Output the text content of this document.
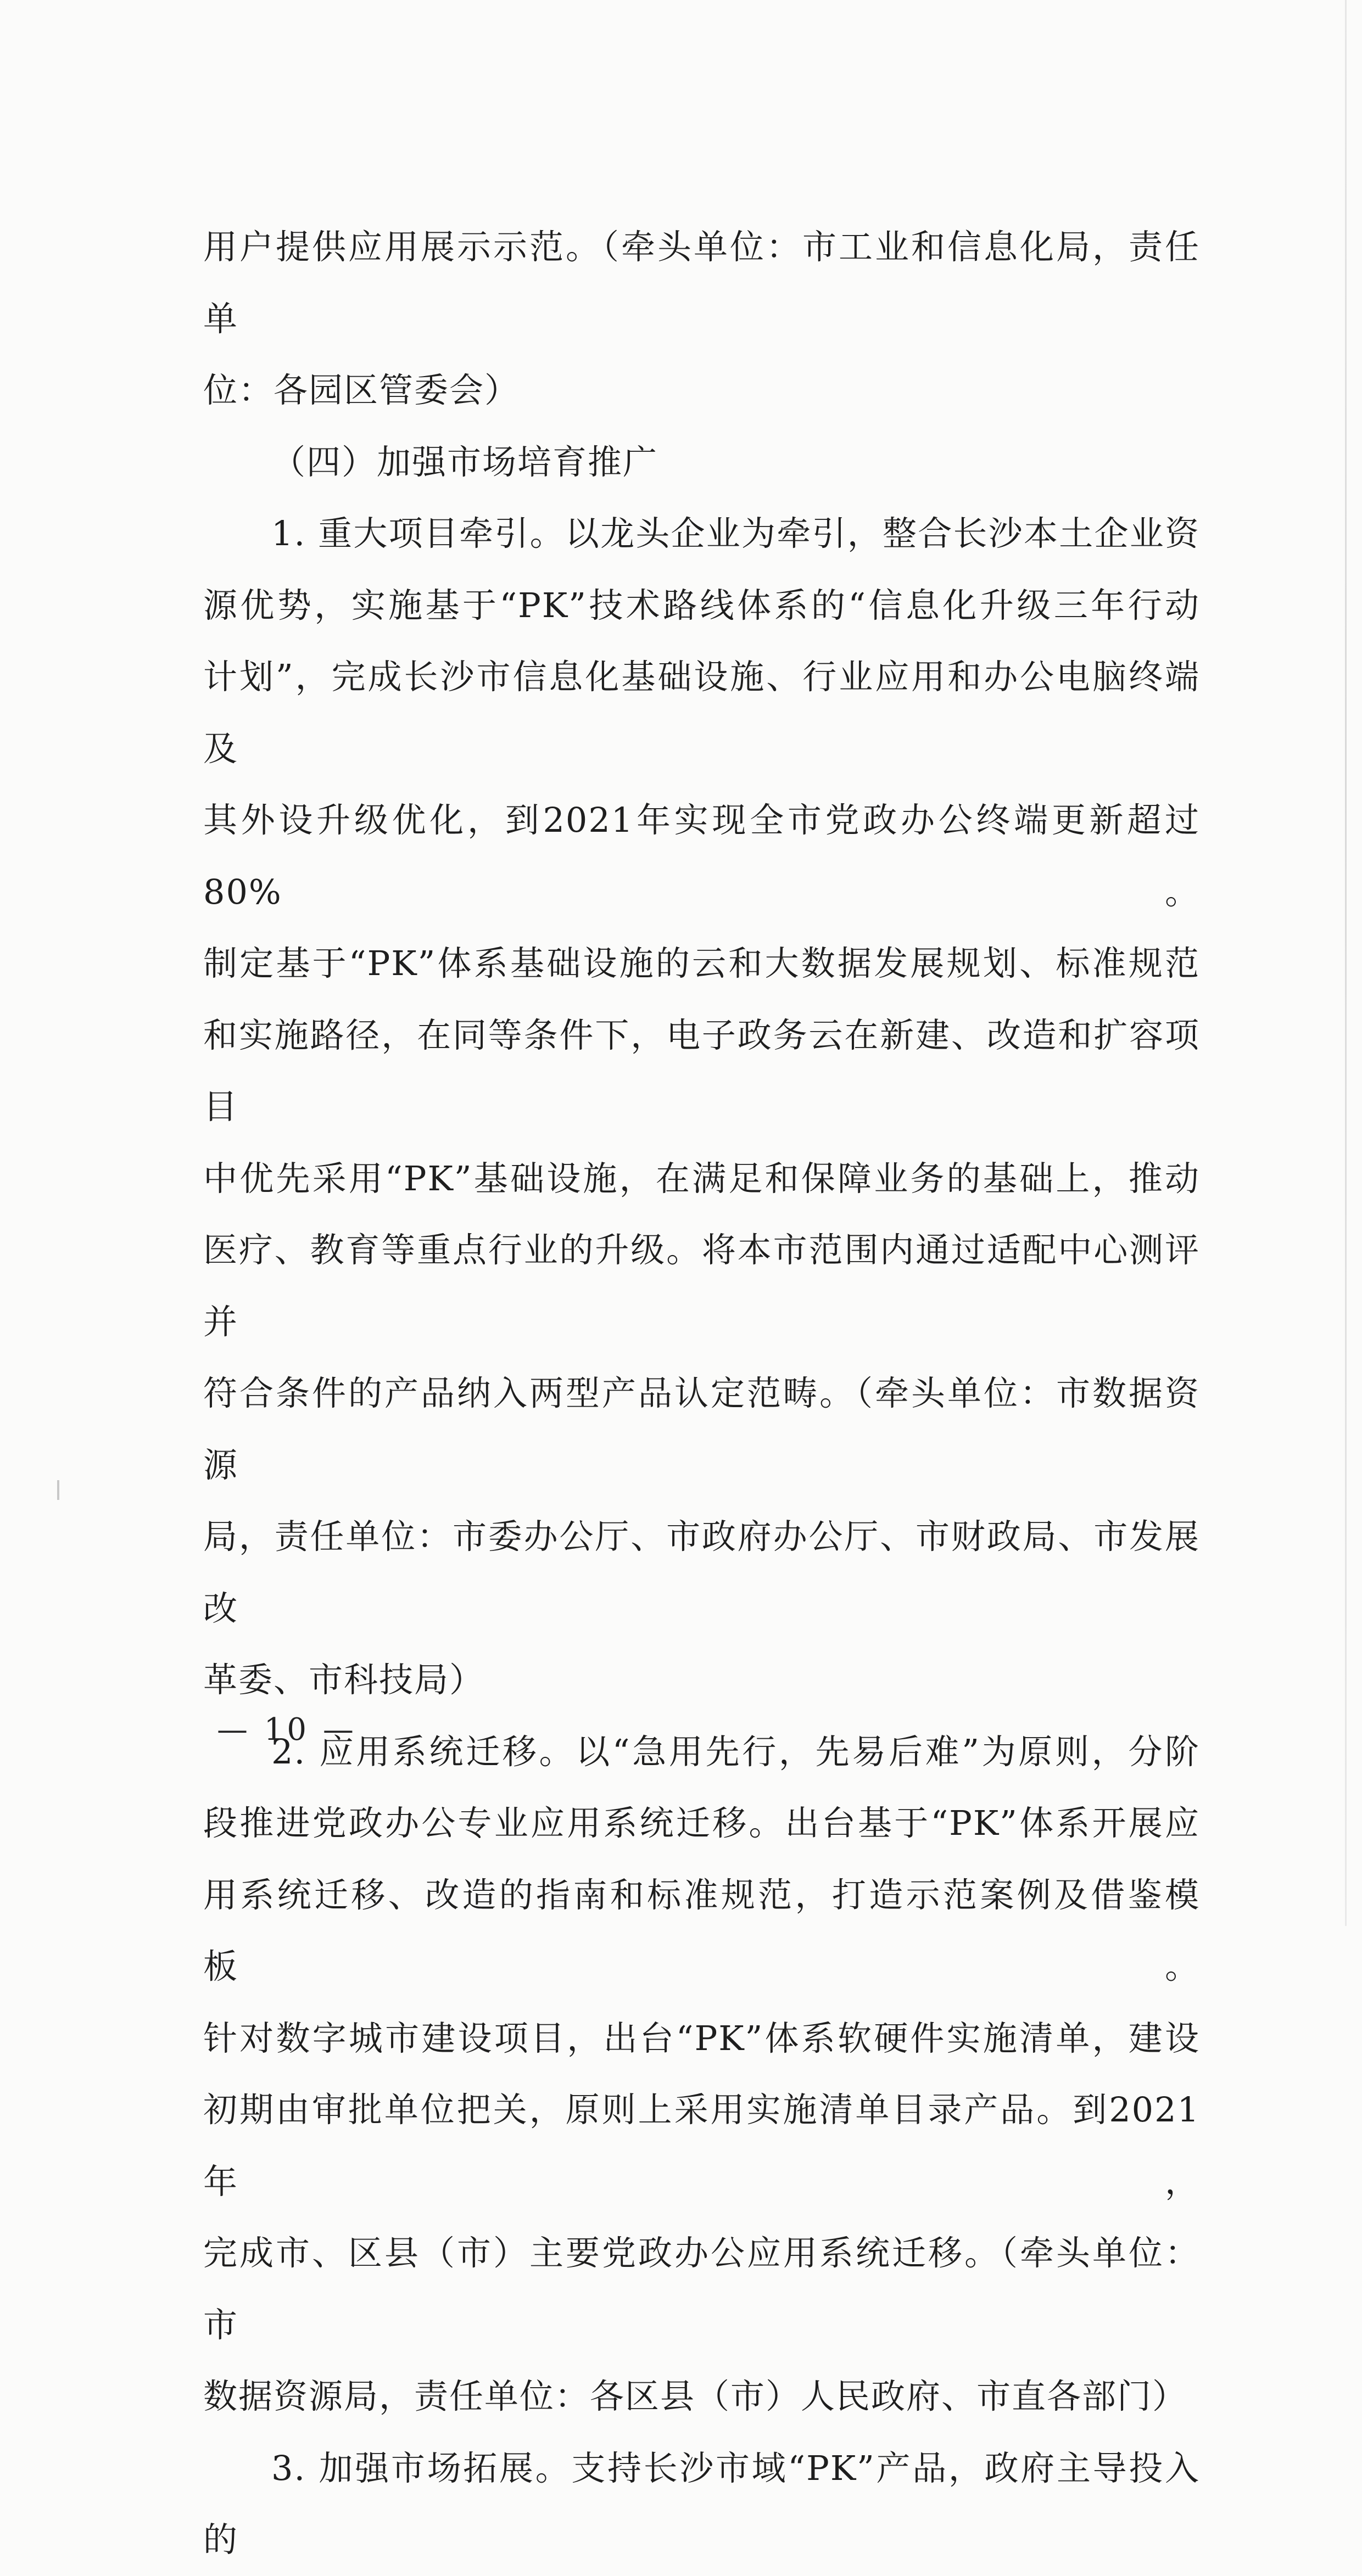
用户提供应用展示示范。（牵头单位：市工业和信息化局，责任单

位：各园区管委会）

（四）加强市场培育推广

1. 重大项目牵引。以龙头企业为牵引，整合长沙本土企业资

源优势，实施基于“PK”技术路线体系的“信息化升级三年行动

计划”，完成长沙市信息化基础设施、行业应用和办公电脑终端及

其外设升级优化，到2021年实现全市党政办公终端更新超过80%。

制定基于“PK”体系基础设施的云和大数据发展规划、标准规范

和实施路径，在同等条件下，电子政务云在新建、改造和扩容项目

中优先采用“PK”基础设施，在满足和保障业务的基础上，推动

医疗、教育等重点行业的升级。将本市范围内通过适配中心测评并

符合条件的产品纳入两型产品认定范畴。（牵头单位：市数据资源

局，责任单位：市委办公厅、市政府办公厅、市财政局、市发展改

革委、市科技局）

2. 应用系统迁移。以“急用先行，先易后难”为原则，分阶

段推进党政办公专业应用系统迁移。出台基于“PK”体系开展应

用系统迁移、改造的指南和标准规范，打造示范案例及借鉴模板。

针对数字城市建设项目，出台“PK”体系软硬件实施清单，建设

初期由审批单位把关，原则上采用实施清单目录产品。到2021年，

完成市、区县（市）主要党政办公应用系统迁移。（牵头单位：市

数据资源局，责任单位：各区县（市）人民政府、市直各部门）

3. 加强市场拓展。支持长沙市域“PK”产品，政府主导投入的

— 10 —
